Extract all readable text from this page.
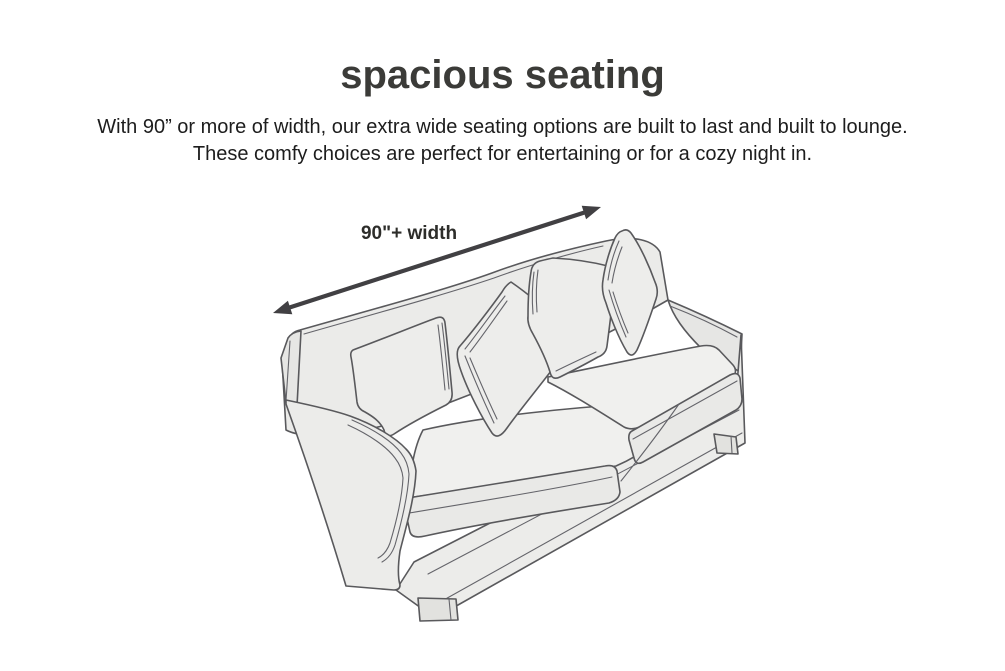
spacious seating

With 90” or more of width, our extra wide seating options are built to last and built to lounge.
These comfy choices are perfect for entertaining or for a cozy night in.

90"+ width
